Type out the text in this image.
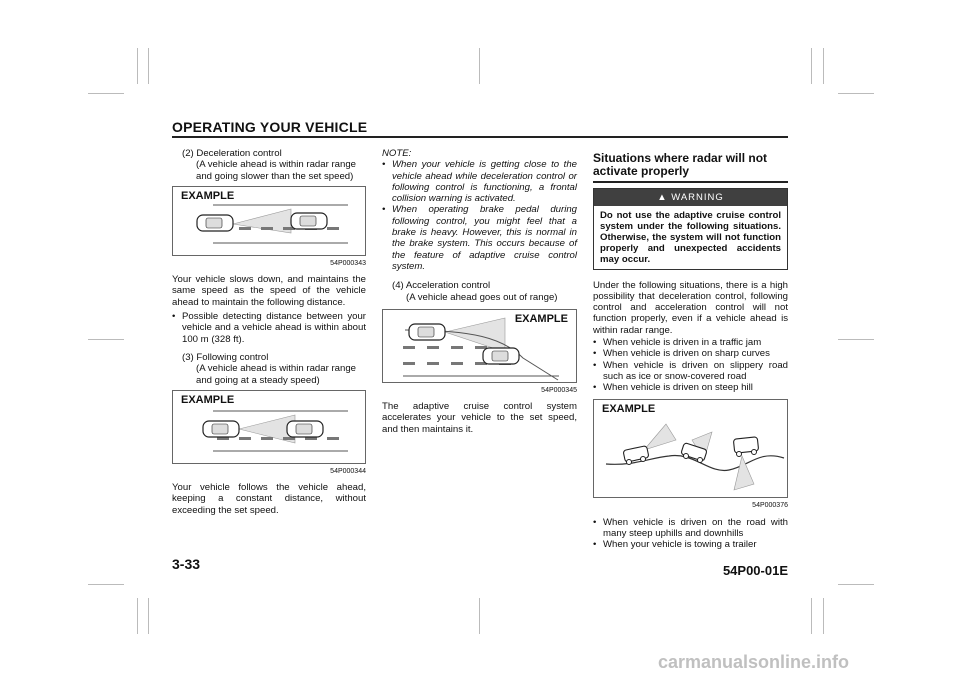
OPERATING YOUR VEHICLE
(2) Deceleration control
(A vehicle ahead is within radar range and going slower than the set speed)
EXAMPLE
54P000343

Your vehicle slows down, and maintains the same speed as the speed of the vehicle ahead to maintain the following distance.

• Possible detecting distance between your vehicle and a vehicle ahead is within about 100 m (328 ft).
(3) Following control
(A vehicle ahead is within radar range and going at a steady speed)
EXAMPLE
54P000344

Your vehicle follows the vehicle ahead, keeping a constant distance, without exceeding the set speed.

NOTE:
• When your vehicle is getting close to the vehicle ahead while deceleration control or following control is functioning, a frontal collision warning is activated.
• When operating brake pedal during following control, you might feel that a brake is heavy. However, this is normal in the brake system. This occurs because of the feature of adaptive cruise control system.
(4) Acceleration control
(A vehicle ahead goes out of range)
EXAMPLE
54P000345

The adaptive cruise control system accelerates your vehicle to the set speed, and then maintains it.

Situations where radar will not activate properly
▲ WARNING
Do not use the adaptive cruise control system under the following situations. Otherwise, the system will not function properly and unexpected accidents may occur.

Under the following situations, there is a high possibility that deceleration control, following control and acceleration control will not function properly, even if a vehicle ahead is within radar range.

• When vehicle is driven in a traffic jam
• When vehicle is driven on sharp curves
• When vehicle is driven on slippery road such as ice or snow-covered road
• When vehicle is driven on steep hill
EXAMPLE
54P000376
• When vehicle is driven on the road with many steep uphills and downhills
• When your vehicle is towing a trailer
3-33	54P00-01E
carmanualsonline.info
